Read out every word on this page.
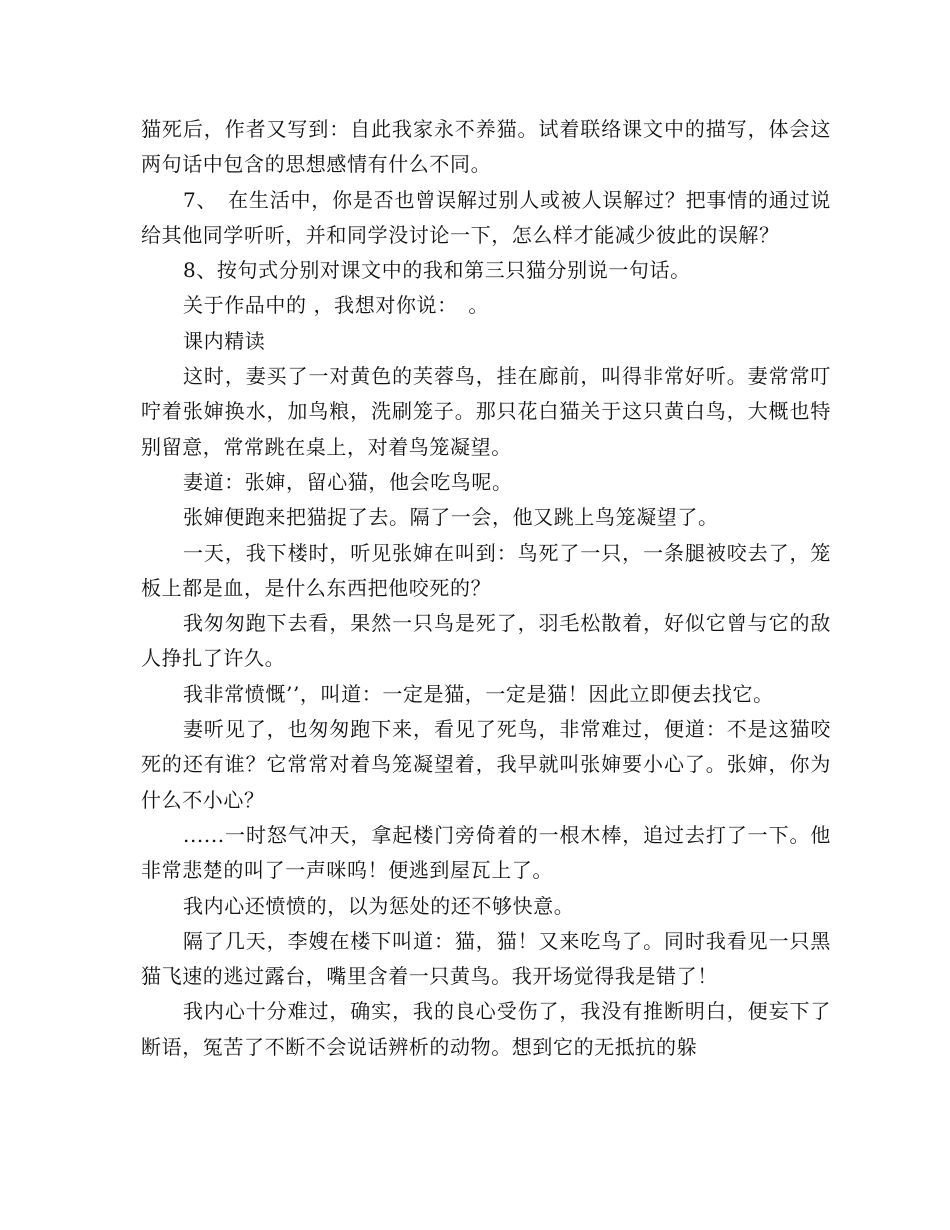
猫死后，作者又写到：自此我家永不养猫。试着联络课文中的描写，体会这两句话中包含的思想感情有什么不同。

7、　在生活中，你是否也曾误解过别人或被人误解过？把事情的通过说给其他同学听听，并和同学没讨论一下，怎么样才能减少彼此的误解？

8、按句式分别对课文中的我和第三只猫分别说一句话。

关于作品中的 ，我想对你说：　。

课内精读

这时，妻买了一对黄色的芙蓉鸟，挂在廊前，叫得非常好听。妻常常叮咛着张婶换水，加鸟粮，洗刷笼子。那只花白猫关于这只黄白鸟，大概也特别留意，常常跳在桌上，对着鸟笼凝望。

妻道：张婶，留心猫，他会吃鸟呢。

张婶便跑来把猫捉了去。隔了一会，他又跳上鸟笼凝望了。

一天，我下楼时，听见张婶在叫到：鸟死了一只，一条腿被咬去了，笼板上都是血，是什么东西把他咬死的？

我匆匆跑下去看，果然一只鸟是死了，羽毛松散着，好似它曾与它的敌人挣扎了许久。

我非常愤慨’’，叫道：一定是猫，一定是猫！因此立即便去找它。

妻听见了，也匆匆跑下来，看见了死鸟，非常难过，便道：不是这猫咬死的还有谁？它常常对着鸟笼凝望着，我早就叫张婶要小心了。张婶，你为什么不小心？

......一时怒气冲天，拿起楼门旁倚着的一根木棒，追过去打了一下。他非常悲楚的叫了一声咪呜！便逃到屋瓦上了。

我内心还愤愤的，以为惩处的还不够快意。

隔了几天，李嫂在楼下叫道：猫，猫！又来吃鸟了。同时我看见一只黑猫飞速的逃过露台，嘴里含着一只黄鸟。我开场觉得我是错了！

我内心十分难过，确实，我的良心受伤了，我没有推断明白，便妄下了断语，冤苦了不断不会说话辨析的动物。想到它的无抵抗的躲
